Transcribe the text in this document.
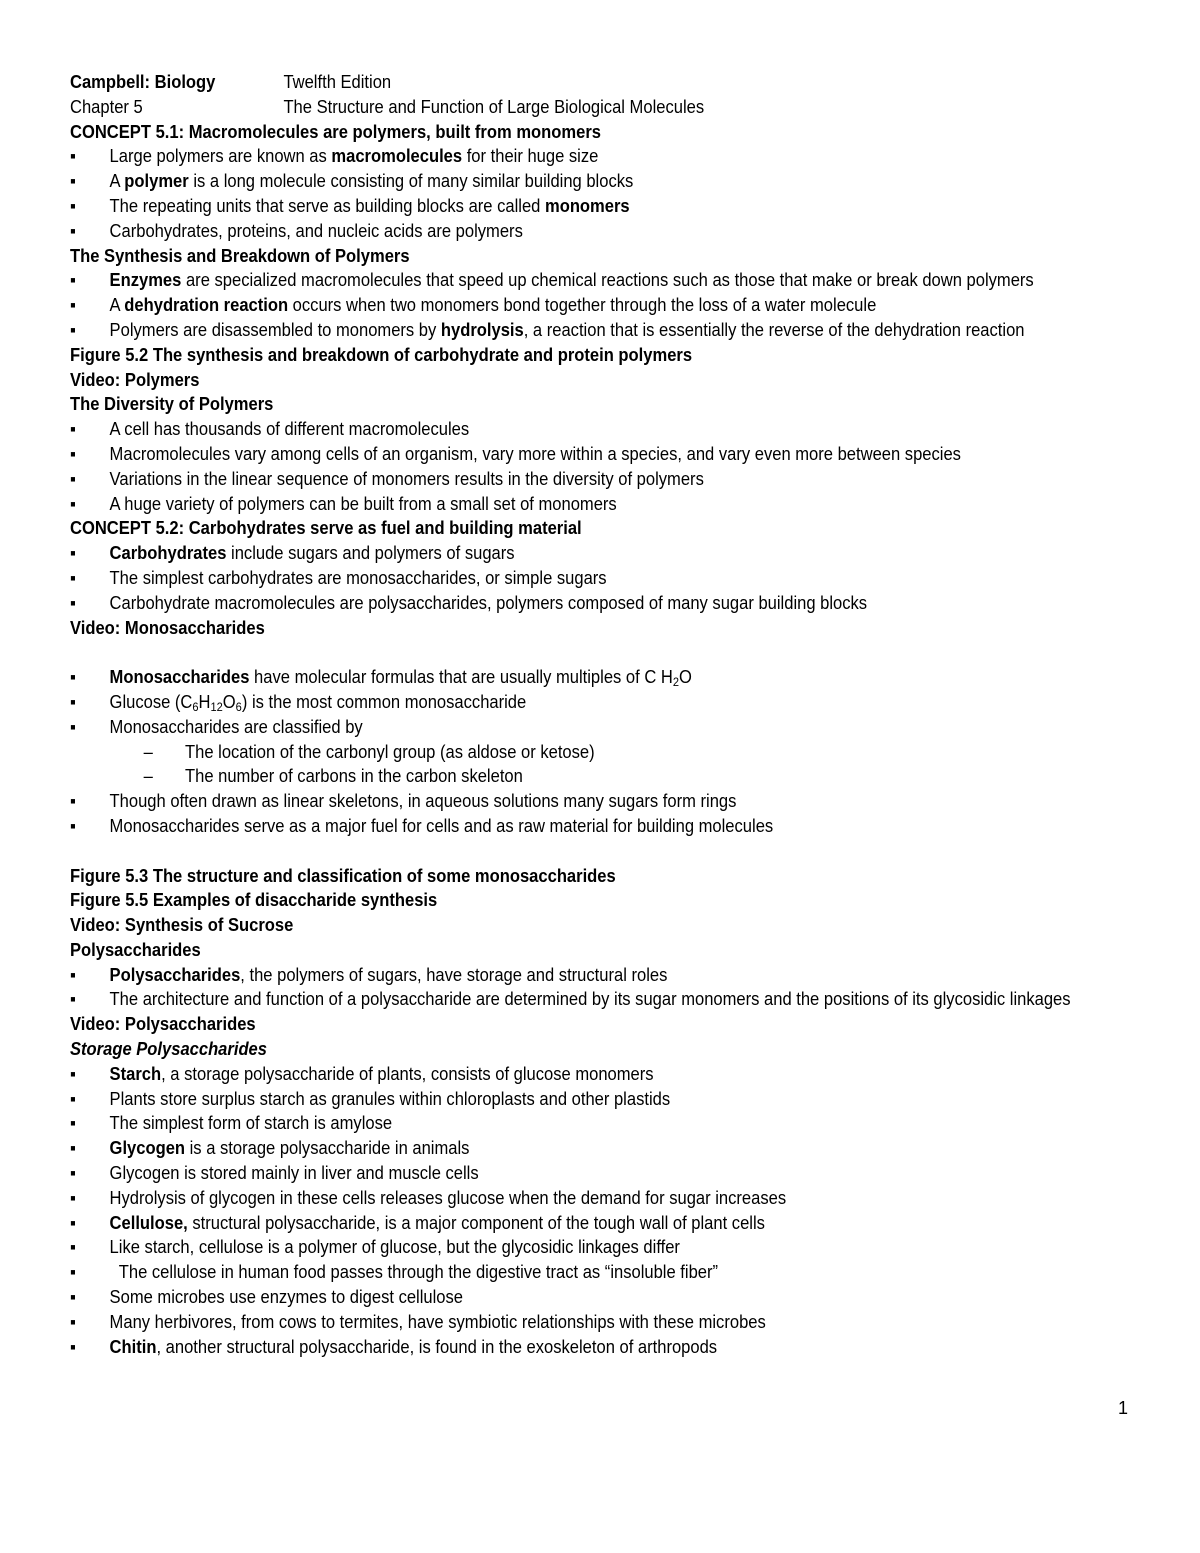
Campbell: Biology	Twelfth Edition
Chapter 5	The Structure and Function of Large Biological Molecules
CONCEPT 5.1: Macromolecules are polymers, built from monomers
▪	Large polymers are known as macromolecules for their huge size
▪	A polymer is a long molecule consisting of many similar building blocks
▪	The repeating units that serve as building blocks are called monomers
▪	Carbohydrates, proteins, and nucleic acids are polymers
The Synthesis and Breakdown of Polymers
▪	Enzymes are specialized macromolecules that speed up chemical reactions such as those that make or break down polymers
▪	A dehydration reaction occurs when two monomers bond together through the loss of a water molecule
▪	Polymers are disassembled to monomers by hydrolysis, a reaction that is essentially the reverse of the dehydration reaction
Figure 5.2 The synthesis and breakdown of carbohydrate and protein polymers
Video: Polymers
The Diversity of Polymers
▪	A cell has thousands of different macromolecules
▪	Macromolecules vary among cells of an organism, vary more within a species, and vary even more between species
▪	Variations in the linear sequence of monomers results in the diversity of polymers
▪	A huge variety of polymers can be built from a small set of monomers
CONCEPT 5.2: Carbohydrates serve as fuel and building material
▪	Carbohydrates include sugars and polymers of sugars
▪	The simplest carbohydrates are monosaccharides, or simple sugars
▪	Carbohydrate macromolecules are polysaccharides, polymers composed of many sugar building blocks
Video: Monosaccharides
▪	Monosaccharides have molecular formulas that are usually multiples of C $H_2O$
▪	Glucose $(C_6H_{12}O_6)$ is the most common monosaccharide
▪	Monosaccharides are classified by
– The location of the carbonyl group (as aldose or ketose)
– The number of carbons in the carbon skeleton
▪	Though often drawn as linear skeletons, in aqueous solutions many sugars form rings
▪	Monosaccharides serve as a major fuel for cells and as raw material for building molecules
Figure 5.3 The structure and classification of some monosaccharides
Figure 5.5 Examples of disaccharide synthesis
Video: Synthesis of Sucrose
Polysaccharides
▪	Polysaccharides, the polymers of sugars, have storage and structural roles
▪	The architecture and function of a polysaccharide are determined by its sugar monomers and the positions of its glycosidic linkages
Video: Polysaccharides
Storage Polysaccharides
▪	Starch, a storage polysaccharide of plants, consists of glucose monomers
▪	Plants store surplus starch as granules within chloroplasts and other plastids
▪	The simplest form of starch is amylose
▪	Glycogen is a storage polysaccharide in animals
▪	Glycogen is stored mainly in liver and muscle cells
▪	Hydrolysis of glycogen in these cells releases glucose when the demand for sugar increases
▪	Cellulose, structural polysaccharide, is a major component of the tough wall of plant cells
▪	Like starch, cellulose is a polymer of glucose, but the glycosidic linkages differ
▪	The cellulose in human food passes through the digestive tract as “insoluble fiber”
▪	Some microbes use enzymes to digest cellulose
▪	Many herbivores, from cows to termites, have symbiotic relationships with these microbes
▪	Chitin, another structural polysaccharide, is found in the exoskeleton of arthropods
1
